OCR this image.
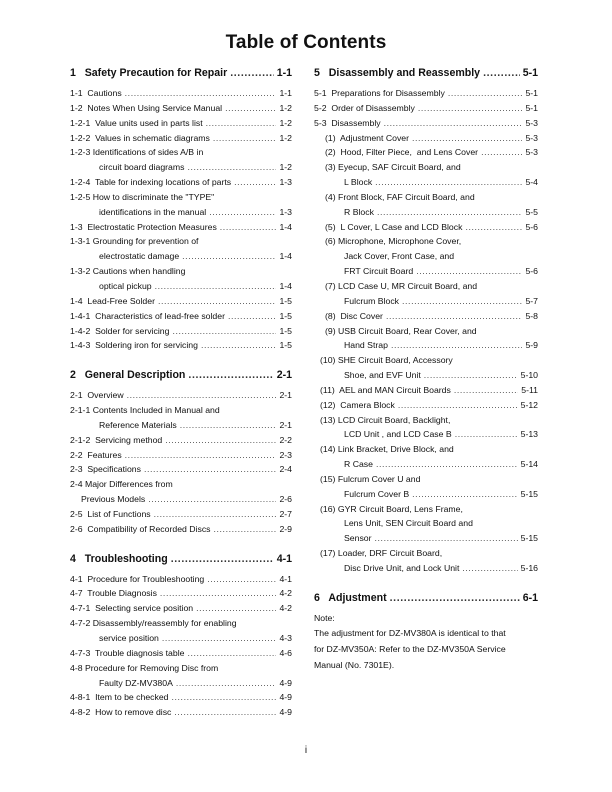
Table of Contents
1   Safety Precaution for Repair .....	1-1
1-1  Cautions .....	1-1
1-2  Notes When Using Service Manual .....	1-2
1-2-1  Value units used in parts list .....	1-2
1-2-2  Values in schematic diagrams .....	1-2
1-2-3 Identifications of sides A/B in
circuit board diagrams .....	1-2
1-2-4  Table for indexing locations of parts .....	1-3
1-2-5 How to discriminate the "TYPE"
identifications in the manual .....	1-3
1-3  Electrostatic Protection Measures .....	1-4
1-3-1 Grounding for prevention of
electrostatic damage .....	1-4
1-3-2 Cautions when handling
optical pickup .....	1-4
1-4  Lead-Free Solder .....	1-5
1-4-1  Characteristics of lead-free solder .....	1-5
1-4-2  Solder for servicing .....	1-5
1-4-3  Soldering iron for servicing .....	1-5
2   General Description .....	2-1
2-1  Overview .....	2-1
2-1-1 Contents Included in Manual and
Reference Materials .....	2-1
2-1-2  Servicing method .....	2-2
2-2  Features .....	2-3
2-3  Specifications .....	2-4
2-4 Major Differences from
Previous Models .....	2-6
2-5  List of Functions .....	2-7
2-6  Compatibility of Recorded Discs .....	2-9
4   Troubleshooting .....	4-1
4-1  Procedure for Troubleshooting .....	4-1
4-7  Trouble Diagnosis .....	4-2
4-7-1  Selecting service position .....	4-2
4-7-2 Disassembly/reassembly for enabling
service position .....	4-3
4-7-3  Trouble diagnosis table .....	4-6
4-8 Procedure for Removing Disc from
Faulty DZ-MV380A .....	4-9
4-8-1  Item to be checked .....	4-9
4-8-2  How to remove disc .....	4-9
5   Disassembly and Reassembly .....	5-1
5-1  Preparations for Disassembly .....	5-1
5-2  Order of Disassembly .....	5-1
5-3  Disassembly .....	5-3
(1)  Adjustment Cover .....	5-3
(2)  Hood, Filter Piece,  and Lens Cover .....	5-3
(3) Eyecup, SAF Circuit Board, and
L Block .....	5-4
(4) Front Block, FAF Circuit Board, and
R Block .....	5-5
(5)  L Cover, L Case and LCD Block .....	5-6
(6) Microphone, Microphone Cover,
Jack Cover, Front Case, and
FRT Circuit Board .....	5-6
(7) LCD Case U, MR Circuit Board, and
Fulcrum Block .....	5-7
(8)  Disc Cover .....	5-8
(9) USB Circuit Board, Rear Cover, and
Hand Strap .....	5-9
(10) SHE Circuit Board, Accessory
Shoe, and EVF Unit .....	5-10
(11)  AEL and MAN Circuit Boards .....	5-11
(12)  Camera Block .....	5-12
(13) LCD Circuit Board, Backlight,
LCD Unit , and LCD Case B .....	5-13
(14) Link Bracket, Drive Block, and
R Case .....	5-14
(15) Fulcrum Cover U and
Fulcrum Cover B .....	5-15
(16) GYR Circuit Board, Lens Frame,
Lens Unit, SEN Circuit Board and
Sensor .....	5-15
(17) Loader, DRF Circuit Board,
Disc Drive Unit, and Lock Unit .....	5-16
6   Adjustment .....	6-1
Note:
The adjustment for DZ-MV380A is identical to that
for DZ-MV350A: Refer to the DZ-MV350A Service
Manual (No. 7301E).
i
